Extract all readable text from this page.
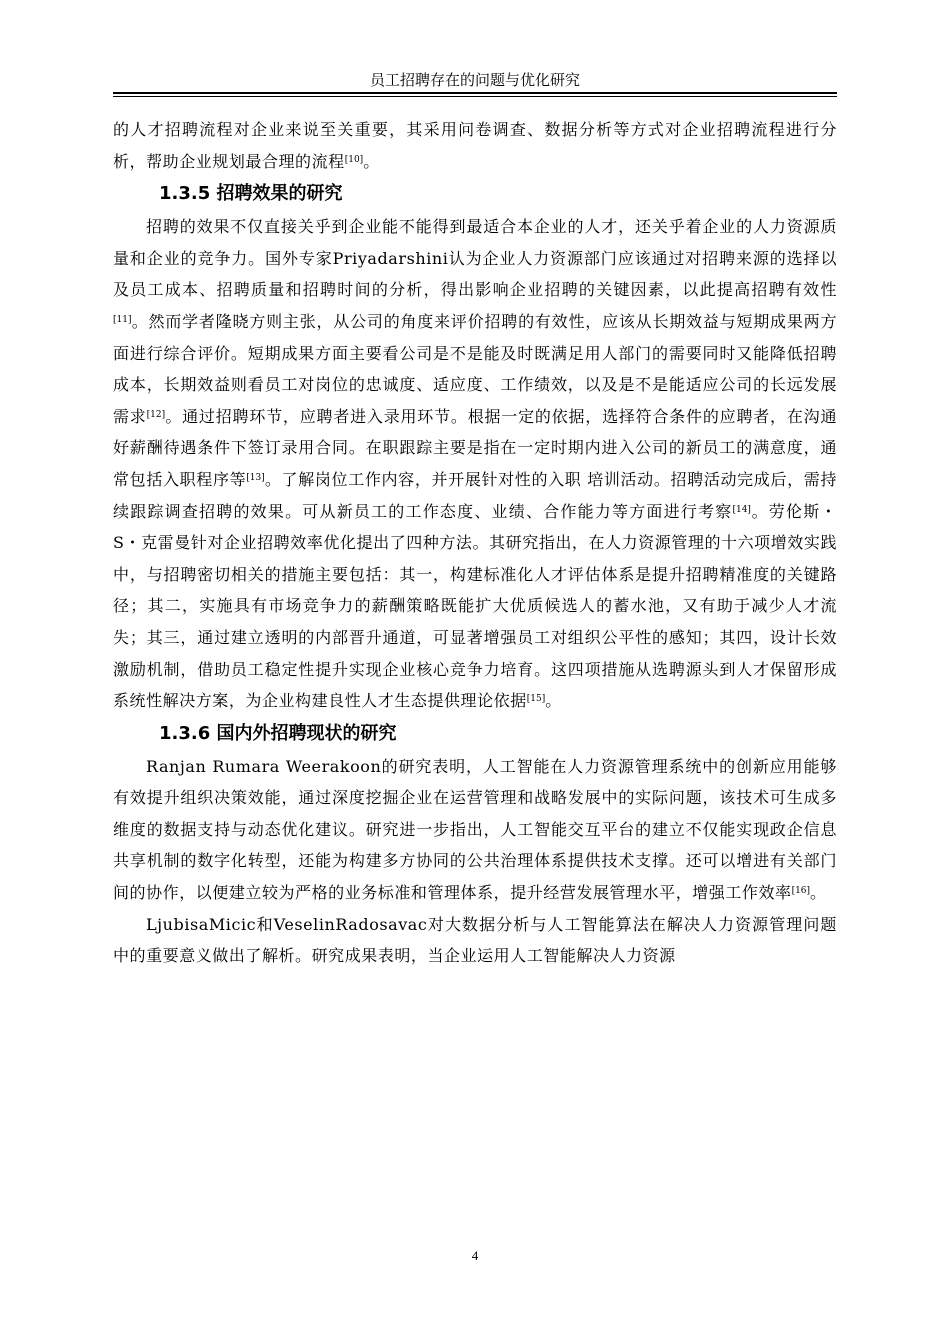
员工招聘存在的问题与优化研究

的人才招聘流程对企业来说至关重要，其采用问卷调查、数据分析等方式对企业招聘流程进行分析，帮助企业规划最合理的流程[10]。

1.3.5 招聘效果的研究

招聘的效果不仅直接关乎到企业能不能得到最适合本企业的人才，还关乎着企业的人力资源质量和企业的竞争力。国外专家Priyadarshini认为企业人力资源部门应该通过对招聘来源的选择以及员工成本、招聘质量和招聘时间的分析，得出影响企业招聘的关键因素，以此提高招聘有效性[11]。然而学者隆晓方则主张，从公司的角度来评价招聘的有效性，应该从长期效益与短期成果两方面进行综合评价。短期成果方面主要看公司是不是能及时既满足用人部门的需要同时又能降低招聘成本，长期效益则看员工对岗位的忠诚度、适应度、工作绩效，以及是不是能适应公司的长远发展需求[12]。通过招聘环节，应聘者进入录用环节。根据一定的依据，选择符合条件的应聘者，在沟通好薪酬待遇条件下签订录用合同。在职跟踪主要是指在一定时期内进入公司的新员工的满意度，通常包括入职程序等[13]。了解岗位工作内容，并开展针对性的入职 培训活动。招聘活动完成后，需持续跟踪调查招聘的效果。可从新员工的工作态度、业绩、合作能力等方面进行考察[14]。劳伦斯・S・克雷曼针对企业招聘效率优化提出了四种方法。其研究指出，在人力资源管理的十六项增效实践中，与招聘密切相关的措施主要包括：其一，构建标准化人才评估体系是提升招聘精准度的关键路径；其二，实施具有市场竞争力的薪酬策略既能扩大优质候选人的蓄水池，又有助于减少人才流失；其三，通过建立透明的内部晋升通道，可显著增强员工对组织公平性的感知；其四，设计长效激励机制，借助员工稳定性提升实现企业核心竞争力培育。这四项措施从选聘源头到人才保留形成系统性解决方案，为企业构建良性人才生态提供理论依据[15]。

1.3.6 国内外招聘现状的研究

Ranjan Rumara Weerakoon的研究表明，人工智能在人力资源管理系统中的创新应用能够有效提升组织决策效能，通过深度挖掘企业在运营管理和战略发展中的实际问题，该技术可生成多维度的数据支持与动态优化建议。研究进一步指出，人工智能交互平台的建立不仅能实现政企信息共享机制的数字化转型，还能为构建多方协同的公共治理体系提供技术支撑。还可以增进有关部门间的协作，以便建立较为严格的业务标准和管理体系，提升经营发展管理水平，增强工作效率[16]。

LjubisaMicic和VeselinRadosavac对大数据分析与人工智能算法在解决人力资源管理问题中的重要意义做出了解析。研究成果表明，当企业运用人工智能解决人力资源

4
